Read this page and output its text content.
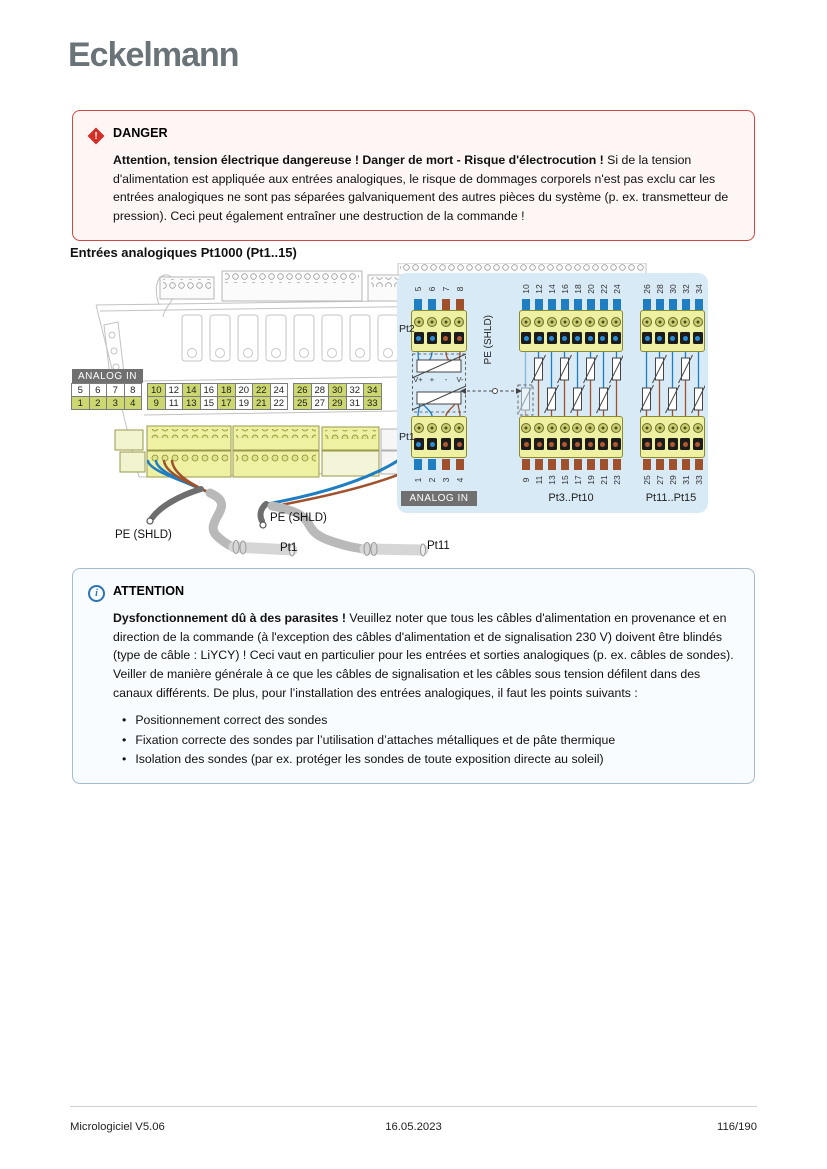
Eckelmann
!	DANGER
Attention, tension électrique dangereuse ! Danger de mort - Risque d'électrocution ! Si de la tension d'alimentation est appliquée aux entrées analogiques, le risque de dommages corporels n'est pas exclu car les entrées analogiques ne sont pas séparées galvaniquement des autres pièces du système (p. ex. transmetteur de pression). Ceci peut également entraîner une destruction de la commande !
Entrées analogiques Pt1000 (Pt1..15)
PE (SHLD)
Pt1
PE (SHLD)
Pt11
ANALOG IN
5	6	7	8
1	2	3	4
10 12 14 16 18 20 22 24
9	11 13 15 17 19 21 22
26 28 30 32 34
25 27 29 31 33
5 6 7 8
1 2 3 4
10 12 14 16 18 20 22 24
9 11 13 15 17 19 21 23
26 28 30 32 34
25 27 29 31 33
Pt2
Pt1
PE (SHLD)
V+ +	-	V-
ANALOG IN	Pt3..Pt10	Pt11..Pt15
i ATTENTION
Dysfonctionnement dû à des parasites ! Veuillez noter que tous les câbles d'alimentation en provenance et en direction de la commande (à l'exception des câbles d'alimentation et de signalisation 230 V) doivent être blindés (type de câble : LiYCY) ! Ceci vaut en particulier pour les entrées et sorties analogiques (p. ex. câbles de sondes). Veiller de manière générale à ce que les câbles de signalisation et les câbles sous tension défilent dans des canaux différents. De plus, pour l’installation des entrées analogiques, il faut les points suivants :
• Positionnement correct des sondes
• Fixation correcte des sondes par l’utilisation d’attaches métalliques et de pâte thermique
• Isolation des sondes (par ex. protéger les sondes de toute exposition directe au soleil)
Micrologiciel V5.06	16.05.2023	116/190
